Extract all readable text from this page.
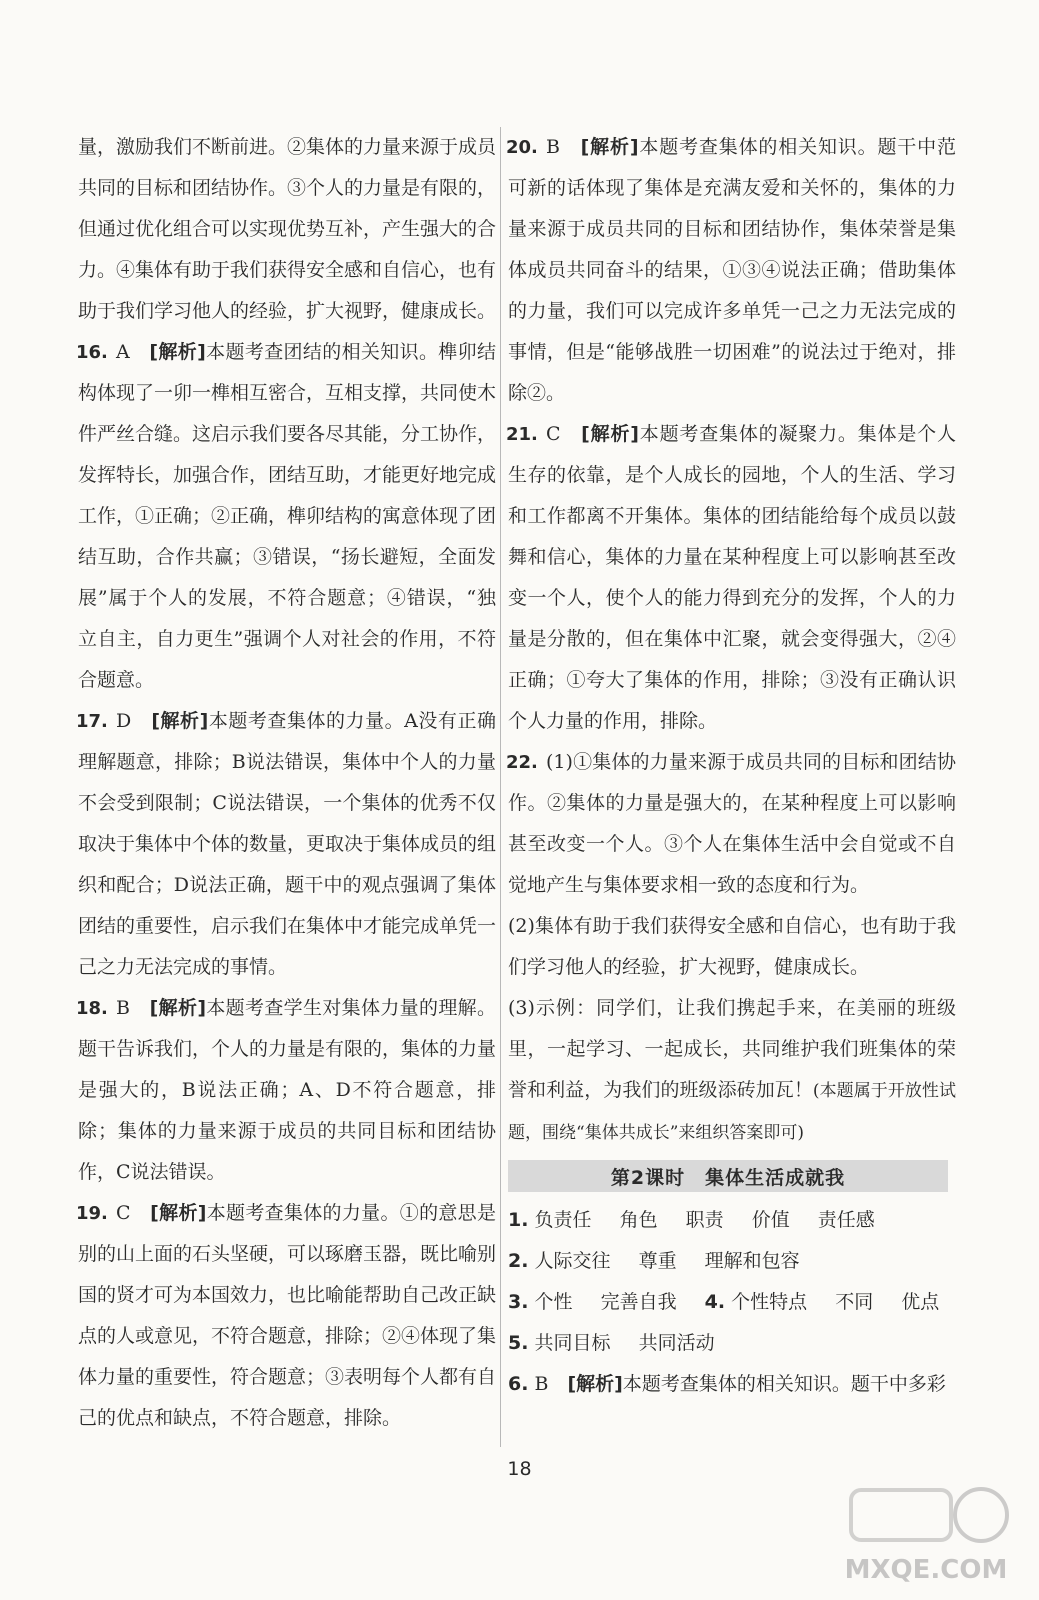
量，激励我们不断前进。②集体的力量来源于成员共同的目标和团结协作。③个人的力量是有限的，但通过优化组合可以实现优势互补，产生强大的合力。④集体有助于我们获得安全感和自信心，也有助于我们学习他人的经验，扩大视野，健康成长。

16. A　 [解析]本题考查团结的相关知识。榫卯结构体现了一卯一榫相互密合，互相支撑，共同使木件严丝合缝。这启示我们要各尽其能，分工协作，发挥特长，加强合作，团结互助，才能更好地完成工作，①正确；②正确，榫卯结构的寓意体现了团结互助，合作共赢；③错误，“扬长避短，全面发展”属于个人的发展，不符合题意；④错误，“独立自主，自力更生”强调个人对社会的作用，不符合题意。

17. D　 [解析]本题考查集体的力量。A没有正确理解题意，排除；B说法错误，集体中个人的力量不会受到限制；C说法错误，一个集体的优秀不仅取决于集体中个体的数量，更取决于集体成员的组织和配合；D说法正确，题干中的观点强调了集体团结的重要性，启示我们在集体中才能完成单凭一己之力无法完成的事情。

18. B　 [解析]本题考查学生对集体力量的理解。题干告诉我们，个人的力量是有限的，集体的力量是强大的，B说法正确；A、D不符合题意，排除；集体的力量来源于成员的共同目标和团结协作，C说法错误。

19. C　 [解析]本题考查集体的力量。①的意思是别的山上面的石头坚硬，可以琢磨玉器，既比喻别国的贤才可为本国效力，也比喻能帮助自己改正缺点的人或意见，不符合题意，排除；②④体现了集体力量的重要性，符合题意；③表明每个人都有自己的优点和缺点，不符合题意，排除。

20. B　 [解析]本题考查集体的相关知识。题干中范可新的话体现了集体是充满友爱和关怀的，集体的力量来源于成员共同的目标和团结协作，集体荣誉是集体成员共同奋斗的结果，①③④说法正确；借助集体的力量，我们可以完成许多单凭一己之力无法完成的事情，但是“能够战胜一切困难”的说法过于绝对，排除②。

21. C　 [解析]本题考查集体的凝聚力。集体是个人生存的依靠，是个人成长的园地，个人的生活、学习和工作都离不开集体。集体的团结能给每个成员以鼓舞和信心，集体的力量在某种程度上可以影响甚至改变一个人，使个人的能力得到充分的发挥，个人的力量是分散的，但在集体中汇聚，就会变得强大，②④正确；①夸大了集体的作用，排除；③没有正确认识个人力量的作用，排除。

22. (1)①集体的力量来源于成员共同的目标和团结协作。②集体的力量是强大的，在某种程度上可以影响甚至改变一个人。③个人在集体生活中会自觉或不自觉地产生与集体要求相一致的态度和行为。

(2)集体有助于我们获得安全感和自信心，也有助于我们学习他人的经验，扩大视野，健康成长。

(3)示例：同学们，让我们携起手来，在美丽的班级里，一起学习、一起成长，共同维护我们班集体的荣誉和利益，为我们的班级添砖加瓦！(本题属于开放性试题，围绕“集体共成长”来组织答案即可)

第2课时　集体生活成就我

1. 负责任 角色 职责 价值 责任感

2. 人际交往 尊重 理解和包容

3. 个性 完善自我 4. 个性特点 不同 优点

5. 共同目标 共同活动

6. B　 [解析]本题考查集体的相关知识。题干中多彩

18
MXQE.COM
